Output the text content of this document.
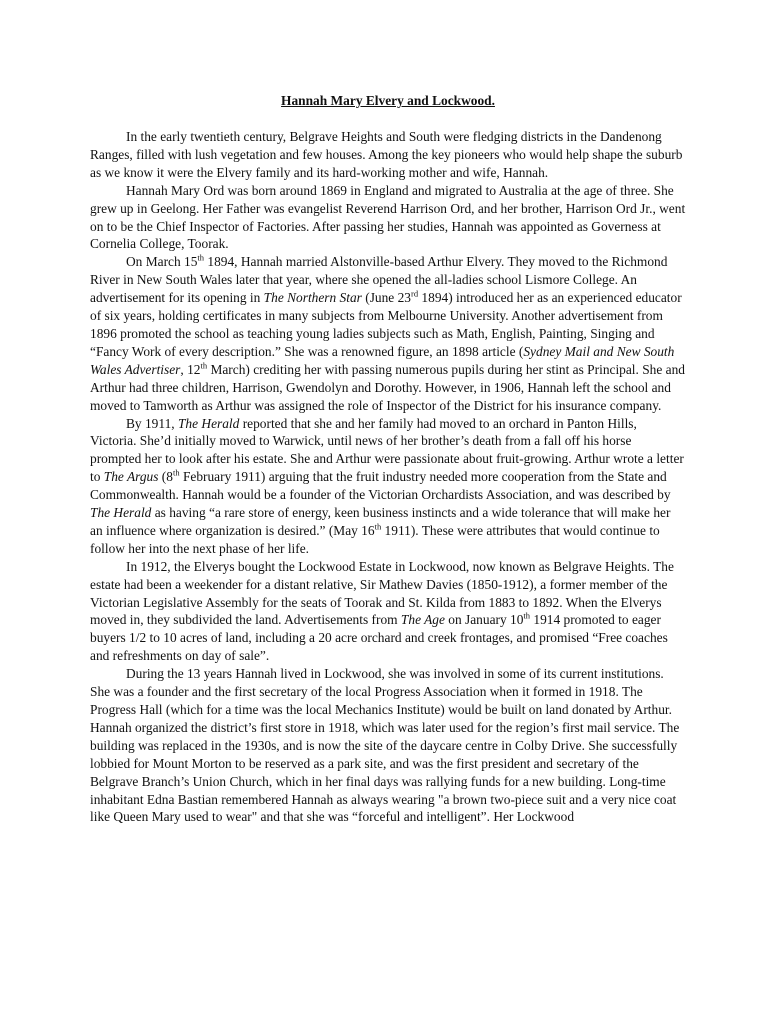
Hannah Mary Elvery and Lockwood.

In the early twentieth century, Belgrave Heights and South were fledging districts in the Dandenong Ranges, filled with lush vegetation and few houses. Among the key pioneers who would help shape the suburb as we know it were the Elvery family and its hard-working mother and wife, Hannah.

Hannah Mary Ord was born around 1869 in England and migrated to Australia at the age of three. She grew up in Geelong. Her Father was evangelist Reverend Harrison Ord, and her brother, Harrison Ord Jr., went on to be the Chief Inspector of Factories. After passing her studies, Hannah was appointed as Governess at Cornelia College, Toorak.

On March 15th 1894, Hannah married Alstonville-based Arthur Elvery. They moved to the Richmond River in New South Wales later that year, where she opened the all-ladies school Lismore College. An advertisement for its opening in The Northern Star (June 23rd 1894) introduced her as an experienced educator of six years, holding certificates in many subjects from Melbourne University. Another advertisement from 1896 promoted the school as teaching young ladies subjects such as Math, English, Painting, Singing and “Fancy Work of every description.” She was a renowned figure, an 1898 article (Sydney Mail and New South Wales Advertiser, 12th March) crediting her with passing numerous pupils during her stint as Principal. She and Arthur had three children, Harrison, Gwendolyn and Dorothy. However, in 1906, Hannah left the school and moved to Tamworth as Arthur was assigned the role of Inspector of the District for his insurance company.

By 1911, The Herald reported that she and her family had moved to an orchard in Panton Hills, Victoria. She’d initially moved to Warwick, until news of her brother’s death from a fall off his horse prompted her to look after his estate. She and Arthur were passionate about fruit-growing. Arthur wrote a letter to The Argus (8th February 1911) arguing that the fruit industry needed more cooperation from the State and Commonwealth. Hannah would be a founder of the Victorian Orchardists Association, and was described by The Herald as having “a rare store of energy, keen business instincts and a wide tolerance that will make her an influence where organization is desired.” (May 16th 1911). These were attributes that would continue to follow her into the next phase of her life.

In 1912, the Elverys bought the Lockwood Estate in Lockwood, now known as Belgrave Heights. The estate had been a weekender for a distant relative, Sir Mathew Davies (1850-1912), a former member of the Victorian Legislative Assembly for the seats of Toorak and St. Kilda from 1883 to 1892. When the Elverys moved in, they subdivided the land. Advertisements from The Age on January 10th 1914 promoted to eager buyers 1/2 to 10 acres of land, including a 20 acre orchard and creek frontages, and promised “Free coaches and refreshments on day of sale”.

During the 13 years Hannah lived in Lockwood, she was involved in some of its current institutions. She was a founder and the first secretary of the local Progress Association when it formed in 1918. The Progress Hall (which for a time was the local Mechanics Institute) would be built on land donated by Arthur. Hannah organized the district’s first store in 1918, which was later used for the region’s first mail service. The building was replaced in the 1930s, and is now the site of the daycare centre in Colby Drive. She successfully lobbied for Mount Morton to be reserved as a park site, and was the first president and secretary of the Belgrave Branch’s Union Church, which in her final days was rallying funds for a new building. Long-time inhabitant Edna Bastian remembered Hannah as always wearing "a brown two-piece suit and a very nice coat like Queen Mary used to wear" and that she was “forceful and intelligent”. Her Lockwood
